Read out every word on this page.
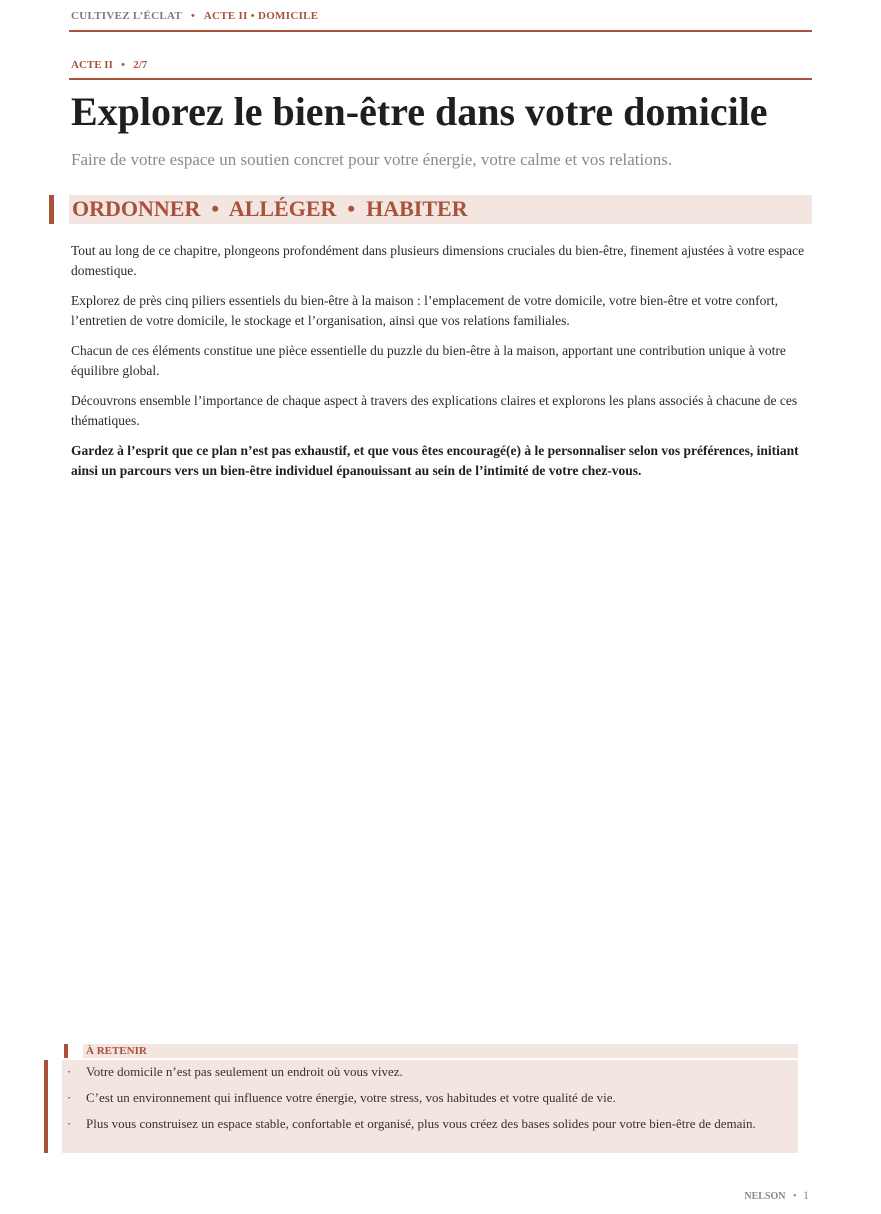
CULTIVEZ L’ÉCLAT • ACTE II • DOMICILE
ACTE II • 2/7
Explorez le bien-être dans votre domicile
Faire de votre espace un soutien concret pour votre énergie, votre calme et vos relations.
ORDONNER  •  ALLÉGER  •  HABITER

Tout au long de ce chapitre, plongeons profondément dans plusieurs dimensions cruciales du bien-être, finement ajustées à votre espace domestique.

Explorez de près cinq piliers essentiels du bien-être à la maison : l’emplacement de votre domicile, votre bien-être et votre confort, l’entretien de votre domicile, le stockage et l’organisation, ainsi que vos relations familiales.

Chacun de ces éléments constitue une pièce essentielle du puzzle du bien-être à la maison, apportant une contribution unique à votre équilibre global.

Découvrons ensemble l’importance de chaque aspect à travers des explications claires et explorons les plans associés à chacune de ces thématiques.

Gardez à l’esprit que ce plan n’est pas exhaustif, et que vous êtes encouragé(e) à le personnaliser selon vos préférences, initiant ainsi un parcours vers un bien-être individuel épanouissant au sein de l’intimité de votre chez-vous.

À RETENIR
· Votre domicile n’est pas seulement un endroit où vous vivez.
· C’est un environnement qui influence votre énergie, votre stress, vos habitudes et votre qualité de vie.
· Plus vous construisez un espace stable, confortable et organisé, plus vous créez des bases solides pour votre bien-être de demain.
NELSON • 1
